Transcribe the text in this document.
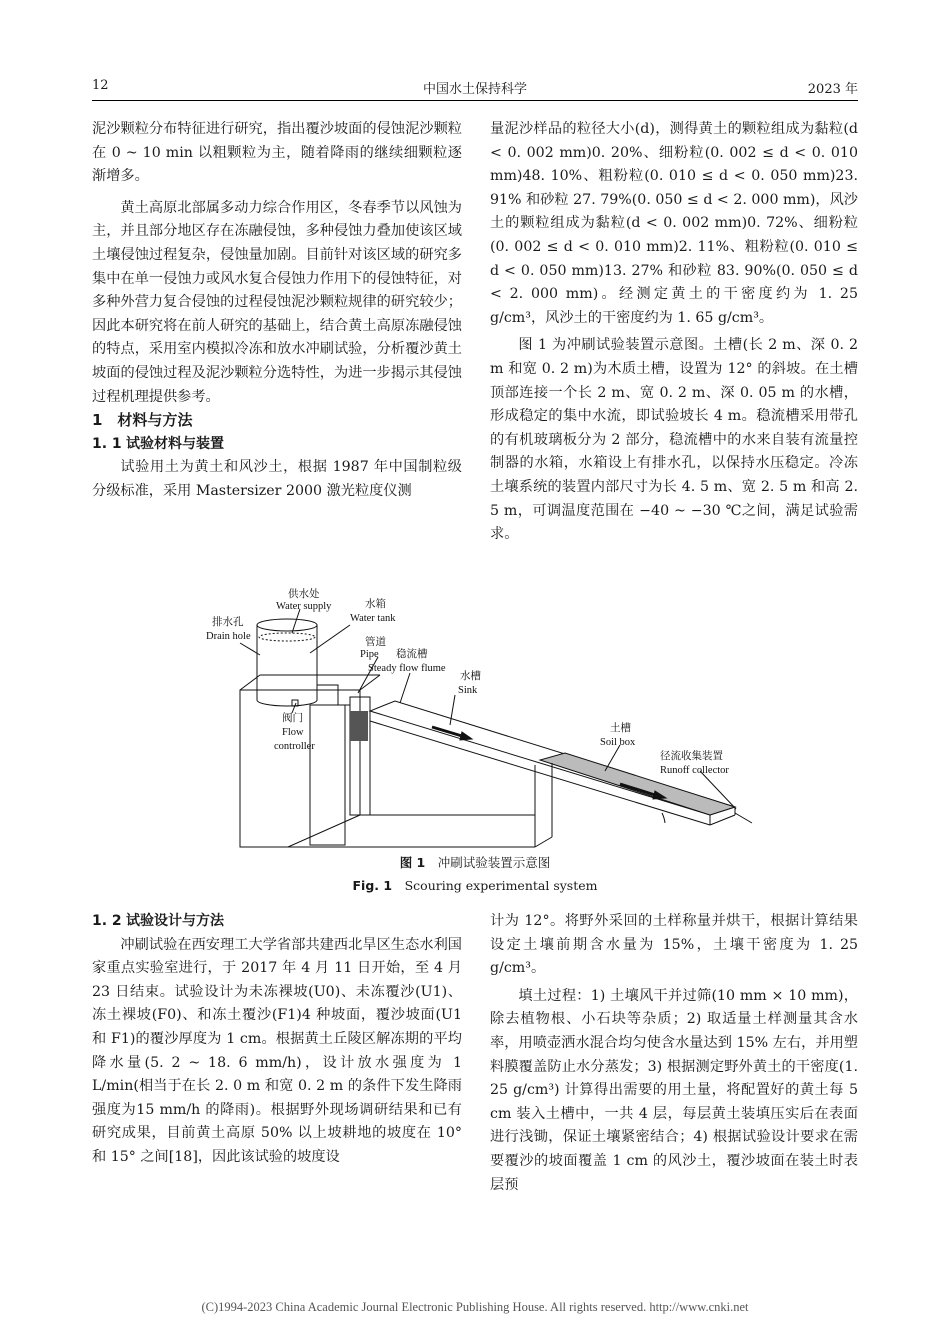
12	中国水土保持科学	2023 年

泥沙颗粒分布特征进行研究，指出覆沙坡面的侵蚀泥沙颗粒在 0 ~ 10 min 以粗颗粒为主，随着降雨的继续细颗粒逐渐增多。

黄土高原北部属多动力综合作用区，冬春季节以风蚀为主，并且部分地区存在冻融侵蚀，多种侵蚀力叠加使该区域土壤侵蚀过程复杂，侵蚀量加剧。目前针对该区域的研究多集中在单一侵蚀力或风水复合侵蚀力作用下的侵蚀特征，对多种外营力复合侵蚀的过程侵蚀泥沙颗粒规律的研究较少；因此本研究将在前人研究的基础上，结合黄土高原冻融侵蚀的特点，采用室内模拟冷冻和放水冲刷试验，分析覆沙黄土坡面的侵蚀过程及泥沙颗粒分选特性，为进一步揭示其侵蚀过程机理提供参考。

1　材料与方法

1. 1 试验材料与装置

试验用土为黄土和风沙土，根据 1987 年中国制粒级分级标准，采用 Mastersizer 2000 激光粒度仪测

量泥沙样品的粒径大小(d)，测得黄土的颗粒组成为黏粒(d < 0. 002 mm)0. 20%、细粉粒(0. 002 ≤ d < 0. 010 mm)48. 10%、粗粉粒(0. 010 ≤ d < 0. 050 mm)23. 91% 和砂粒 27. 79%(0. 050 ≤ d < 2. 000 mm)，风沙土的颗粒组成为黏粒(d < 0. 002 mm)0. 72%、细粉粒(0. 002 ≤ d < 0. 010 mm)2. 11%、粗粉粒(0. 010 ≤ d < 0. 050 mm)13. 27% 和砂粒 83. 90%(0. 050 ≤ d < 2. 000 mm)。经测定黄土的干密度约为 1. 25 g/cm³，风沙土的干密度约为 1. 65 g/cm³。

图 1 为冲刷试验装置示意图。土槽(长 2 m、深 0. 2 m 和宽 0. 2 m)为木质土槽，设置为 12° 的斜坡。在土槽顶部连接一个长 2 m、宽 0. 2 m、深 0. 05 m 的水槽，形成稳定的集中水流，即试验坡长 4 m。稳流槽采用带孔的有机玻璃板分为 2 部分，稳流槽中的水来自装有流量控制器的水箱，水箱设上有排水孔，以保持水压稳定。冷冻土壤系统的装置内部尺寸为长 4. 5 m、宽 2. 5 m 和高 2. 5 m，可调温度范围在 −40 ~ −30 ℃之间，满足试验需求。

供水处
Water supply
排水孔
Drain hole
水箱
Water tank
管道
Pipe 稳流槽
Steady flow flume
水槽
Sink
阀门
Flow
controller
土槽
Soil box
径流收集装置
Runoff collector
图 1　 冲刷试验装置示意图
Fig. 1　 Scouring experimental system

1. 2 试验设计与方法

冲刷试验在西安理工大学省部共建西北旱区生态水利国家重点实验室进行，于 2017 年 4 月 11 日开始，至 4 月 23 日结束。试验设计为未冻裸坡(U0)、未冻覆沙(U1)、冻土裸坡(F0)、和冻土覆沙(F1)4 种坡面，覆沙坡面(U1 和 F1)的覆沙厚度为 1 cm。根据黄土丘陵区解冻期的平均降水量(5. 2 ~ 18. 6 mm/h)，设计放水强度为 1 L/min(相当于在长 2. 0 m 和宽 0. 2 m 的条件下发生降雨强度为15 mm/h 的降雨)。根据野外现场调研结果和已有研究成果，目前黄土高原 50% 以上坡耕地的坡度在 10° 和 15° 之间[18]，因此该试验的坡度设

计为 12°。将野外采回的土样称量并烘干，根据计算结果设定土壤前期含水量为 15%，土壤干密度为 1. 25 g/cm³。

填土过程：1) 土壤风干并过筛(10 mm × 10 mm)，除去植物根、小石块等杂质；2) 取适量土样测量其含水率，用喷壶洒水混合均匀使含水量达到 15% 左右，并用塑料膜覆盖防止水分蒸发；3) 根据测定野外黄土的干密度(1. 25 g/cm³) 计算得出需要的用土量，将配置好的黄土每 5 cm 装入土槽中，一共 4 层，每层黄土装填压实后在表面进行浅锄，保证土壤紧密结合；4) 根据试验设计要求在需要覆沙的坡面覆盖 1 cm 的风沙土，覆沙坡面在装土时表层预

(C)1994-2023 China Academic Journal Electronic Publishing House. All rights reserved. http://www.cnki.net
